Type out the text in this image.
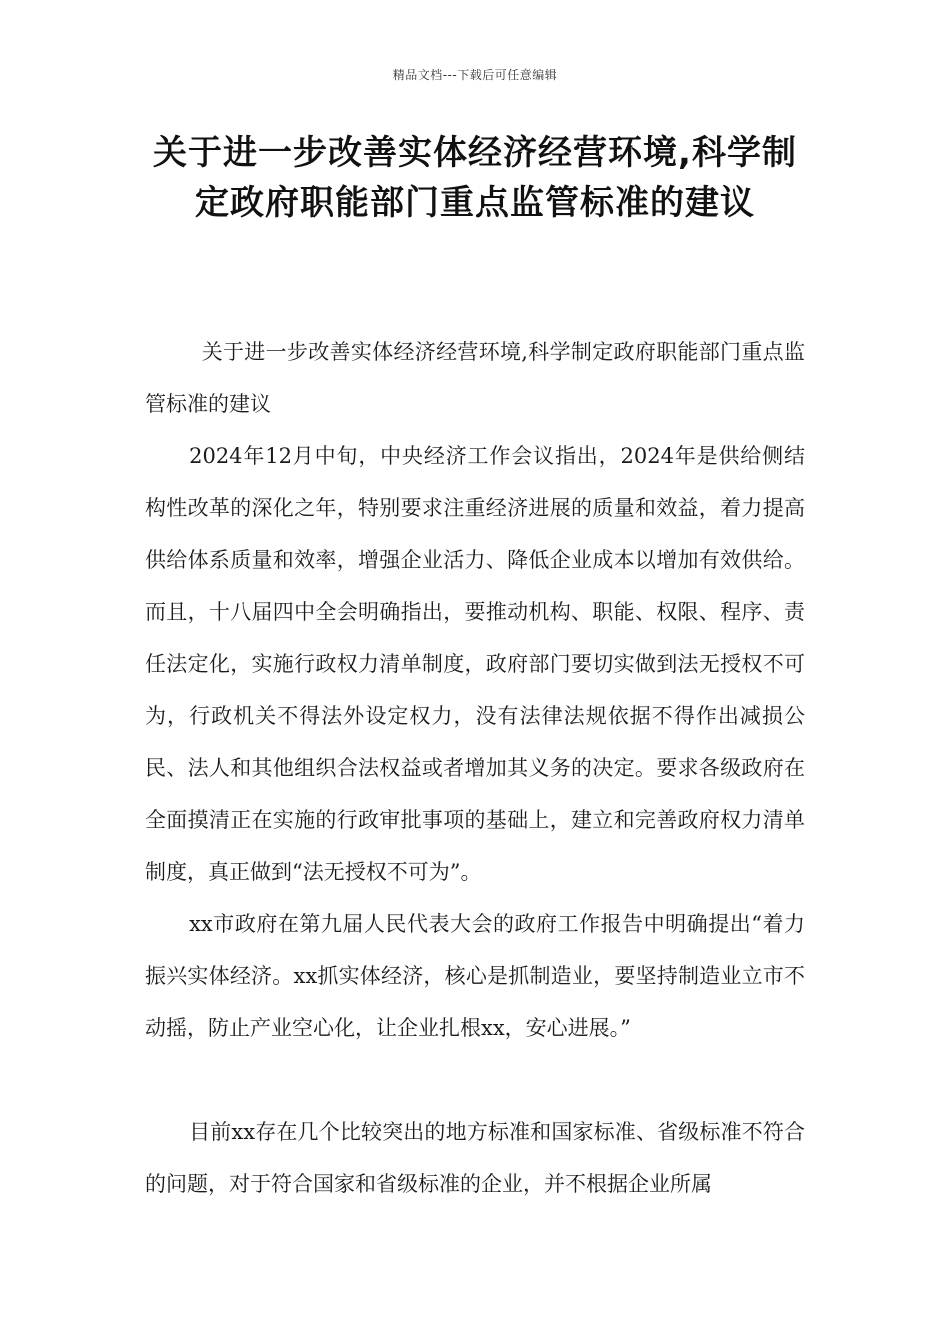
精品文档---下载后可任意编辑
关于进一步改善实体经济经营环境,科学制定政府职能部门重点监管标准的建议

关于进一步改善实体经济经营环境,科学制定政府职能部门重点监管标准的建议

2024年12月中旬，中央经济工作会议指出，2024年是供给侧结构性改革的深化之年，特别要求注重经济进展的质量和效益，着力提高供给体系质量和效率，增强企业活力、降低企业成本以增加有效供给。而且，十八届四中全会明确指出，要推动机构、职能、权限、程序、责任法定化，实施行政权力清单制度，政府部门要切实做到法无授权不可为，行政机关不得法外设定权力，没有法律法规依据不得作出减损公民、法人和其他组织合法权益或者增加其义务的决定。要求各级政府在全面摸清正在实施的行政审批事项的基础上，建立和完善政府权力清单制度，真正做到“法无授权不可为”。

xx市政府在第九届人民代表大会的政府工作报告中明确提出“着力振兴实体经济。xx抓实体经济，核心是抓制造业，要坚持制造业立市不动摇，防止产业空心化，让企业扎根xx，安心进展。”

目前xx存在几个比较突出的地方标准和国家标准、省级标准不符合的问题，对于符合国家和省级标准的企业，并不根据企业所属
